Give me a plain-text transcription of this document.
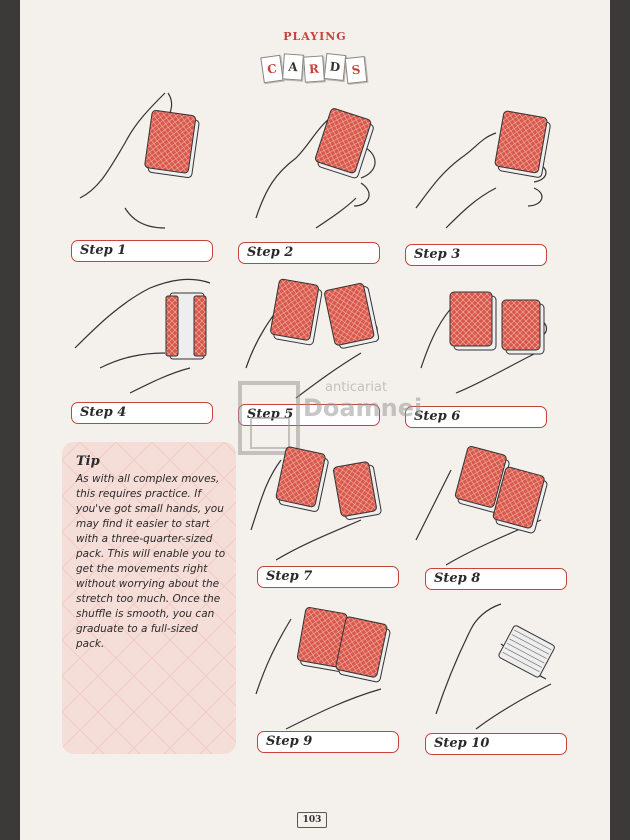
PLAYING
C A R D S
Step 1	Step 2	Step 3
Step 4	Step 5	Step 6
anticariat
Doamnei
Tip
As with all complex moves, this requires practice. If you've got small hands, you may find it easier to start with a three-quarter-sized pack. This will enable you to get the movements right without worrying about the stretch too much. Once the shuffle is smooth, you can graduate to a full-sized pack.
Step 7	Step 8
Step 9	Step 10
103
